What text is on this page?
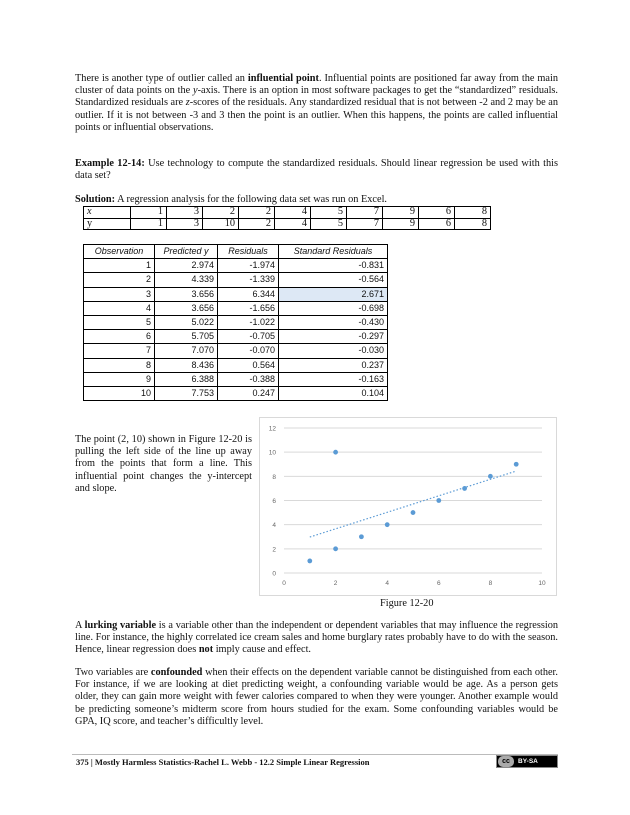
There is another type of outlier called an influential point. Influential points are positioned far away from the main cluster of data points on the y-axis. There is an option in most software packages to get the “standardized” residuals. Standardized residuals are z-scores of the residuals. Any standardized residual that is not between -2 and 2 may be an outlier. If it is not between -3 and 3 then the point is an outlier. When this happens, the points are called influential points or influential observations.

Example 12-14: Use technology to compute the standardized residuals. Should linear regression be used with this data set?

Solution: A regression analysis for the following data set was run on Excel.

x	1	3	2	2	4	5	7	9	6	8
y	1	3	10	2	4	5	7	9	6	8
Observation	Predicted y	Residuals	Standard Residuals
1	2.974	-1.974	-0.831
2	4.339	-1.339	-0.564
3	3.656	6.344	2.671
4	3.656	-1.656	-0.698
5	5.022	-1.022	-0.430
6	5.705	-0.705	-0.297
7	7.070	-0.070	-0.030
8	8.436	0.564	0.237
9	6.388	-0.388	-0.163
10	7.753	0.247	0.104

The point (2, 10) shown in Figure 12-20 is pulling the left side of the line up away from the points that form a line. This influential point changes the y-intercept and slope.

0
2
4
6
8
10
12
0	2	4	6	8	10
Figure 12-20

A lurking variable is a variable other than the independent or dependent variables that may influence the regression line. For instance, the highly correlated ice cream sales and home burglary rates probably have to do with the season. Hence, linear regression does not imply cause and effect.

Two variables are confounded when their effects on the dependent variable cannot be distinguished from each other. For instance, if we are looking at diet predicting weight, a confounding variable would be age. As a person gets older, they can gain more weight with fewer calories compared to when they were younger. Another example would be predicting someone’s midterm score from hours studied for the exam. Some confounding variables would be GPA, IQ score, and teacher’s difficultly level.

375 | Mostly Harmless Statistics-Rachel L. Webb - 12.2 Simple Linear Regression	cc	BY-SA
